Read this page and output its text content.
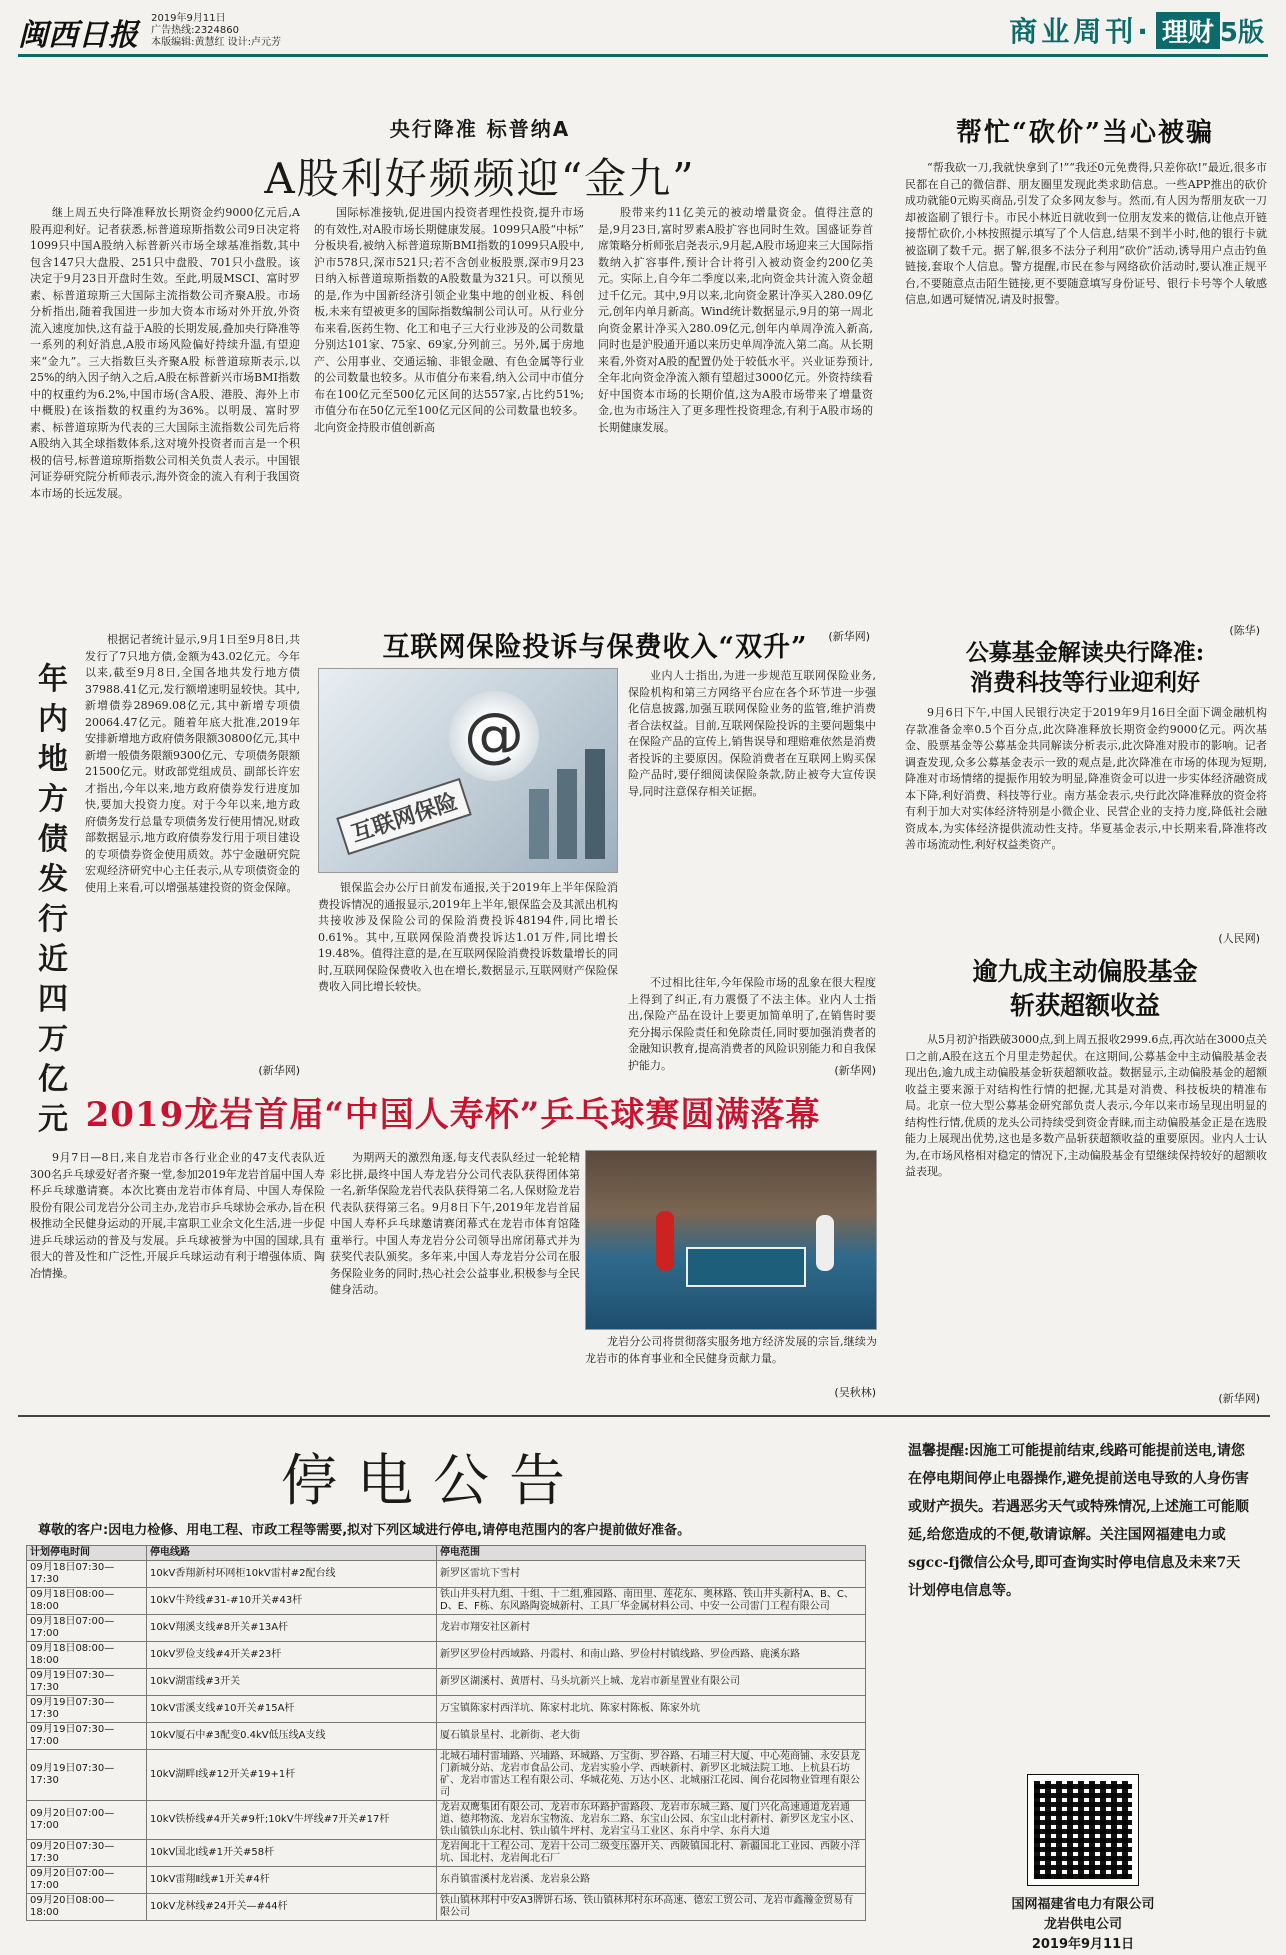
闽西日报 2019年9月11日
广告热线:2324860
本版编辑:黄慧红 设计:卢元芳	商业周刊· 理财 5版
央行降准 标普纳A
A股利好频频迎“金九”

继上周五央行降准释放长期资金约9000亿元后,A股再迎利好。记者获悉,标普道琼斯指数公司9日决定将1099只中国A股纳入标普新兴市场全球基准指数,其中包含147只大盘股、251只中盘股、701只小盘股。该决定于9月23日开盘时生效。至此,明晟MSCI、富时罗素、标普道琼斯三大国际主流指数公司齐聚A股。市场分析指出,随着我国进一步加大资本市场对外开放,外资流入速度加快,这有益于A股的长期发展,叠加央行降准等一系列的利好消息,A股市场风险偏好持续升温,有望迎来“金九”。三大指数巨头齐聚A股 标普道琼斯表示,以25%的纳入因子纳入之后,A股在标普新兴市场BMI指数中的权重约为6.2%,中国市场(含A股、港股、海外上市中概股)在该指数的权重约为36%。以明晟、富时罗素、标普道琼斯为代表的三大国际主流指数公司先后将A股纳入其全球指数体系,这对境外投资者而言是一个积极的信号,标普道琼斯指数公司相关负责人表示。中国银河证券研究院分析师表示,海外资金的流入有利于我国资本市场的长远发展。

国际标准接轨,促进国内投资者理性投资,提升市场的有效性,对A股市场长期健康发展。1099只A股“中标” 分板块看,被纳入标普道琼斯BMI指数的1099只A股中,沪市578只,深市521只;若不含创业板股票,深市9月23日纳入标普道琼斯指数的A股数量为321只。可以预见的是,作为中国新经济引领企业集中地的创业板、科创板,未来有望被更多的国际指数编制公司认可。从行业分布来看,医药生物、化工和电子三大行业涉及的公司数量分别达101家、75家、69家,分列前三。另外,属于房地产、公用事业、交通运输、非银金融、有色金属等行业的公司数量也较多。从市值分布来看,纳入公司中市值分布在100亿元至500亿元区间的达557家,占比约51%;市值分布在50亿元至100亿元区间的公司数量也较多。北向资金持股市值创新高

股带来约11亿美元的被动增量资金。值得注意的是,9月23日,富时罗素A股扩容也同时生效。国盛证券首席策略分析师张启尧表示,9月起,A股市场迎来三大国际指数纳入扩容事件,预计合计将引入被动资金约200亿美元。实际上,自今年二季度以来,北向资金共计流入资金超过千亿元。其中,9月以来,北向资金累计净买入280.09亿元,创年内单月新高。Wind统计数据显示,9月的第一周北向资金累计净买入280.09亿元,创年内单周净流入新高,同时也是沪股通开通以来历史单周净流入第二高。从长期来看,外资对A股的配置仍处于较低水平。兴业证券预计,全年北向资金净流入额有望超过3000亿元。外资持续看好中国资本市场的长期价值,这为A股市场带来了增量资金,也为市场注入了更多理性投资理念,有利于A股市场的长期健康发展。

(新华网)
帮忙“砍价”当心被骗

“帮我砍一刀,我就快拿到了!”“我还0元免费得,只差你砍!”最近,很多市民都在自己的微信群、朋友圈里发现此类求助信息。一些APP推出的砍价成功就能0元购买商品,引发了众多网友参与。然而,有人因为帮朋友砍一刀却被盗刷了银行卡。市民小林近日就收到一位朋友发来的微信,让他点开链接帮忙砍价,小林按照提示填写了个人信息,结果不到半小时,他的银行卡就被盗刷了数千元。据了解,很多不法分子利用“砍价”活动,诱导用户点击钓鱼链接,套取个人信息。警方提醒,市民在参与网络砍价活动时,要认准正规平台,不要随意点击陌生链接,更不要随意填写身份证号、银行卡号等个人敏感信息,如遇可疑情况,请及时报警。

(陈华)
年内地方债发行近四万亿元

根据记者统计显示,9月1日至9月8日,共发行了7只地方债,金额为43.02亿元。今年以来,截至9月8日,全国各地共发行地方债37988.41亿元,发行额增速明显较快。其中,新增债券28969.08亿元,其中新增专项债20064.47亿元。随着年底大批准,2019年安排新增地方政府债务限额30800亿元,其中新增一般债务限额9300亿元、专项债务限额21500亿元。财政部党组成员、副部长许宏才指出,今年以来,地方政府债券发行进度加快,要加大投资力度。对于今年以来,地方政府债务发行总量专项债务发行使用情况,财政部数据显示,地方政府债券发行用于项目建设的专项债券资金使用质效。苏宁金融研究院宏观经济研究中心主任表示,从专项债资金的使用上来看,可以增强基建投资的资金保障。

(新华网)
互联网保险投诉与保费收入“双升”
@
互联网保险

业内人士指出,为进一步规范互联网保险业务,保险机构和第三方网络平台应在各个环节进一步强化信息披露,加强互联网保险业务的监管,维护消费者合法权益。目前,互联网保险投诉的主要问题集中在保险产品的宣传上,销售误导和理赔难依然是消费者投诉的主要原因。保险消费者在互联网上购买保险产品时,要仔细阅读保险条款,防止被夸大宣传误导,同时注意保存相关证据。

银保监会办公厅日前发布通报,关于2019年上半年保险消费投诉情况的通报显示,2019年上半年,银保监会及其派出机构共接收涉及保险公司的保险消费投诉48194件,同比增长0.61%。其中,互联网保险消费投诉达1.01万件,同比增长19.48%。值得注意的是,在互联网保险消费投诉数量增长的同时,互联网保险保费收入也在增长,数据显示,互联网财产保险保费收入同比增长较快。	不过相比往年,今年保险市场的乱象在很大程度上得到了纠正,有力震慑了不法主体。业内人士指出,保险产品在设计上要更加简单明了,在销售时要充分揭示保险责任和免除责任,同时要加强消费者的金融知识教育,提高消费者的风险识别能力和自我保护能力。	(新华网)
公募基金解读央行降准:
消费科技等行业迎利好

9月6日下午,中国人民银行决定于2019年9月16日全面下调金融机构存款准备金率0.5个百分点,此次降准释放长期资金约9000亿元。两次基金、股票基金等公募基金共同解读分析表示,此次降准对股市的影响。记者调查发现,众多公募基金表示一致的观点是,此次降准在市场的体现为短期,降准对市场情绪的提振作用较为明显,降准资金可以进一步实体经济融资成本下降,利好消费、科技等行业。南方基金表示,央行此次降准释放的资金将有利于加大对实体经济特别是小微企业、民营企业的支持力度,降低社会融资成本,为实体经济提供流动性支持。华夏基金表示,中长期来看,降准将改善市场流动性,利好权益类资产。

(人民网)
逾九成主动偏股基金
斩获超额收益

从5月初沪指跌破3000点,到上周五报收2999.6点,再次站在3000点关口之前,A股在这五个月里走势起伏。在这期间,公募基金中主动偏股基金表现出色,逾九成主动偏股基金斩获超额收益。数据显示,主动偏股基金的超额收益主要来源于对结构性行情的把握,尤其是对消费、科技板块的精准布局。北京一位大型公募基金研究部负责人表示,今年以来市场呈现出明显的结构性行情,优质的龙头公司持续受到资金青睐,而主动偏股基金正是在选股能力上展现出优势,这也是多数产品斩获超额收益的重要原因。业内人士认为,在市场风格相对稳定的情况下,主动偏股基金有望继续保持较好的超额收益表现。

(新华网)
2019龙岩首届“中国人寿杯”乒乓球赛圆满落幕

9月7日—8日,来自龙岩市各行业企业的47支代表队近300名乒乓球爱好者齐聚一堂,参加2019年龙岩首届中国人寿杯乒乓球邀请赛。本次比赛由龙岩市体育局、中国人寿保险股份有限公司龙岩分公司主办,龙岩市乒乓球协会承办,旨在积极推动全民健身运动的开展,丰富职工业余文化生活,进一步促进乒乓球运动的普及与发展。乒乓球被誉为中国的国球,具有很大的普及性和广泛性,开展乒乓球运动有利于增强体质、陶冶情操。

为期两天的激烈角逐,每支代表队经过一轮轮精彩比拼,最终中国人寿龙岩分公司代表队获得团体第一名,新华保险龙岩代表队获得第二名,人保财险龙岩代表队获得第三名。9月8日下午,2019年龙岩首届中国人寿杯乒乓球邀请赛闭幕式在龙岩市体育馆隆重举行。中国人寿龙岩分公司领导出席闭幕式并为获奖代表队颁奖。多年来,中国人寿龙岩分公司在服务保险业务的同时,热心社会公益事业,积极参与全民健身活动。

龙岩分公司将贯彻落实服务地方经济发展的宗旨,继续为龙岩市的体育事业和全民健身贡献力量。

(吴秋林)
停电公告
尊敬的客户:因电力检修、用电工程、市政工程等需要,拟对下列区域进行停电,请停电范围内的客户提前做好准备。
计划停电时间	停电线路	停电范围
09月18日07:30—17:30	10kV香翔新村环网柜10kV雷村#2配台线	新罗区雷坑下雪村
09月18日08:00—18:00	10kV牛羚线#31-#10开关#43杆	铁山井头村九组、十组、十二组,雅园路、南田里、莲花东、奥林路、铁山井头新村A、B、C、D、E、F栋、东风路陶瓷城新村、工具厂华金属材料公司、中安一公司雷门工程有限公司
09月18日07:00—17:00	10kV翔溪支线#8开关#13A杆	龙岩市翔安社区新村
09月18日08:00—18:00	10kV罗俭支线#4开关#23杆	新罗区罗俭村西域路、丹霞村、和南山路、罗俭村村镇线路、罗俭西路、鹿溪东路
09月19日07:30—17:30	10kV湖雷线#3开关	新罗区湖溪村、黄厝村、马头坑新兴上城、龙岩市新星置业有限公司
09月19日07:30—17:30	10kV雷溪支线#10开关#15A杆	万宝镇陈家村西洋坑、陈家村北坑、陈家村陈板、陈家外坑
09月19日07:30—17:00	10kV厦石中#3配变0.4kV低压线A支线	厦石镇景星村、北新街、老大街
09月19日07:30—17:30	10kV湖畔Ⅰ线#12开关#19+1杆	北城石埔村雷埔路、兴埔路、环城路、万宝街、罗谷路、石埔三村大厦、中心苑商铺、永安县龙门新城分站、龙岩市食品公司、龙岩实验小学、西峡新村、新罗区北城法院工地、上杭县石坊矿、龙岩市雷达工程有限公司、华城花苑、万达小区、北城丽江花园、闽台花园物业管理有限公司
09月20日07:00—17:00	10kV铁桥线#4开关#9杆;10kV牛坪线#7开关#17杆	龙岩双鹰集团有限公司、龙岩市东环路护雷路段、龙岩市东城三路、厦门兴化高速通道龙岩通道、德邦物流、龙岩东宝物流、龙岩东二路、东宝山公园、东宝山北村新村、新罗区龙宝小区、铁山镇铁山东北村、铁山镇牛坪村、龙岩宝马工业区、东肖中学、东肖大道
09月20日07:30—17:30	10kV国北Ⅰ线#1开关#58杆	龙岩闽北十工程公司、龙岩十公司二级变压器开关、西陂镇国北村、新疆国北工业园、西陂小洋坑、国北村、龙岩闽北石厂
09月20日07:00—17:00	10kV雷翔Ⅱ线#1开关#4杆	东肖镇雷溪村龙岩溪、龙岩泉公路
09月20日08:00—18:00	10kV龙林线#24开关—#44杆	铁山镇林邦村中安A3牌饼石场、铁山镇林邦村东环高速、德宏工贸公司、龙岩市鑫瀚金贸易有限公司
温馨提醒:因施工可能提前结束,线路可能提前送电,请您在停电期间停止电器操作,避免提前送电导致的人身伤害或财产损失。若遇恶劣天气或特殊情况,上述施工可能顺延,给您造成的不便,敬请谅解。关注国网福建电力或sgcc-fj微信公众号,即可查询实时停电信息及未来7天计划停电信息等。
国网福建省电力有限公司
龙岩供电公司
2019年9月11日
